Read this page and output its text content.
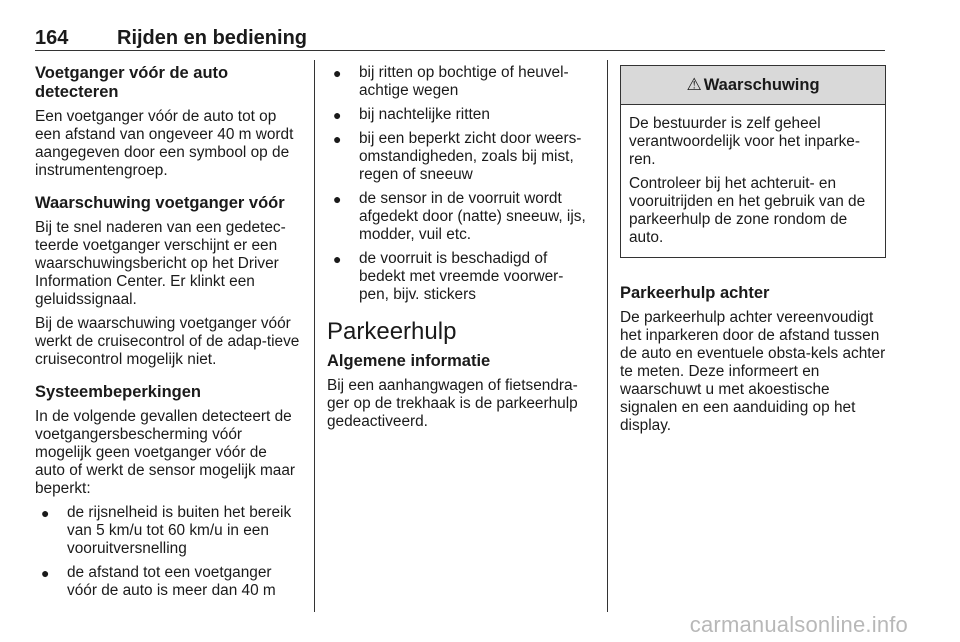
164 Rijden en bediening
Voetganger vóór de auto
detecteren

Een voetganger vóór de auto tot op een afstand van ongeveer 40 m wordt aangegeven door een symbool op de instrumentengroep.

Waarschuwing voetganger vóór

Bij te snel naderen van een gedetec-teerde voetganger verschijnt er een waarschuwingsbericht op het Driver Information Center. Er klinkt een geluidssignaal.

Bij de waarschuwing voetganger vóór werkt de cruisecontrol of de adap-tieve cruisecontrol mogelijk niet.

Systeembeperkingen

In de volgende gevallen detecteert de voetgangersbescherming vóór mogelijk geen voetganger vóór de auto of werkt de sensor mogelijk maar beperkt:

● de rijsnelheid is buiten het bereik van 5 km/u tot 60 km/u in een vooruitversnelling
● de afstand tot een voetganger vóór de auto is meer dan 40 m
● bij ritten op bochtige of heuvel-achtige wegen
● bij nachtelijke ritten
● bij een beperkt zicht door weers-omstandigheden, zoals bij mist, regen of sneeuw
● de sensor in de voorruit wordt afgedekt door (natte) sneeuw, ijs, modder, vuil etc.
● de voorruit is beschadigd of bedekt met vreemde voorwer-pen, bijv. stickers
Parkeerhulp
Algemene informatie

Bij een aanhangwagen of fietsendra-ger op de trekhaak is de parkeerhulp gedeactiveerd.

⚠ Waarschuwing

De bestuurder is zelf geheel verantwoordelijk voor het inparke-ren.

Controleer bij het achteruit- en vooruitrijden en het gebruik van de parkeerhulp de zone rondom de auto.

Parkeerhulp achter

De parkeerhulp achter vereenvoudigt het inparkeren door de afstand tussen de auto en eventuele obsta-kels achter te meten. Deze informeert en waarschuwt u met akoestische signalen en een aanduiding op het display.

carmanualsonline.info
